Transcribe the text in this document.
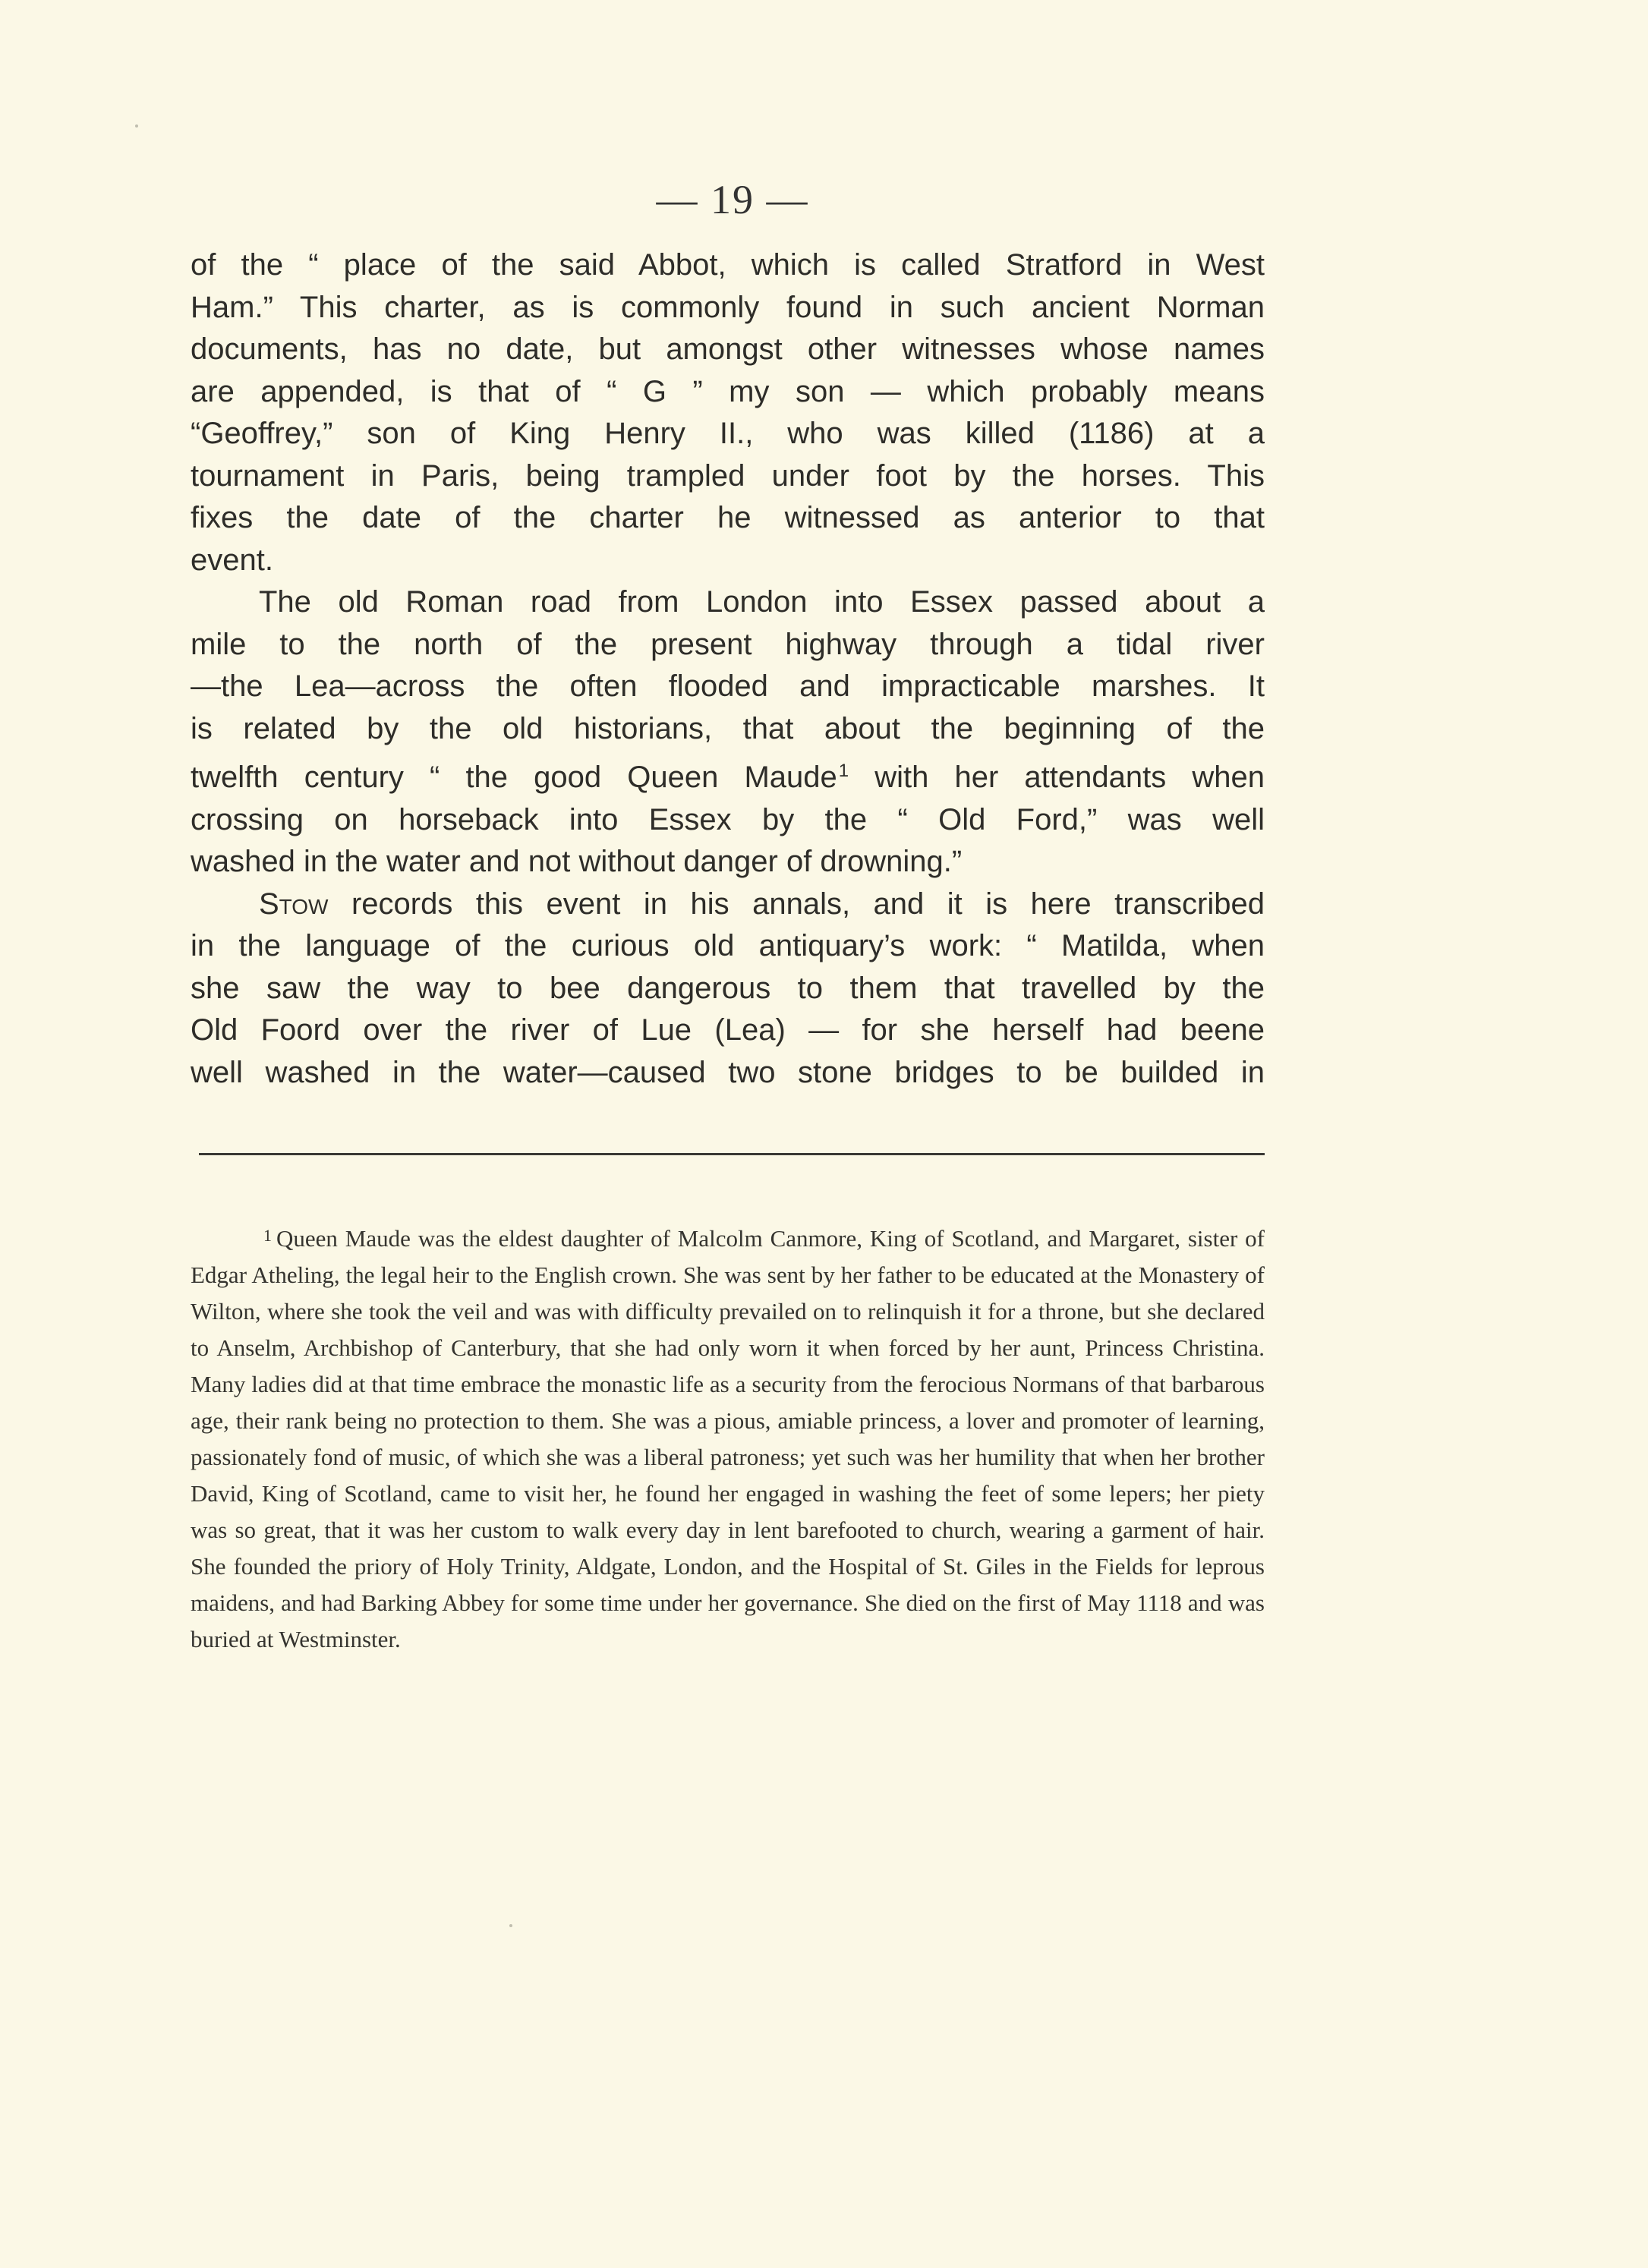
— 19 —

of the “ place of the said Abbot, which is called Stratford in West
Ham.” This charter, as is commonly found in such ancient Norman
documents, has no date, but amongst other witnesses whose names
are appended, is that of “ G ” my son — which probably means
“Geoffrey,” son of King Henry II., who was killed (1186) at a
tournament in Paris, being trampled under foot by the horses. This
fixes the date of the charter he witnessed as anterior to that

event.

The old Roman road from London into Essex passed about a
mile to the north of the present highway through a tidal river
—the Lea—across the often flooded and impracticable marshes. It
is related by the old historians, that about the beginning of the
twelfth century “ the good Queen Maude$^1$ with her attendants when
crossing on horseback into Essex by the “ Old Ford,” was well

washed in the water and not without danger of drowning.”

Stow records this event in his annals, and it is here transcribed
in the language of the curious old antiquary’s work: “ Matilda, when
she saw the way to bee dangerous to them that travelled by the
Old Foord over the river of Lue (Lea) — for she herself had beene
well washed in the water—caused two stone bridges to be builded in

$^1$ Queen Maude was the eldest daughter of Malcolm Canmore, King of Scotland, and Margaret, sister of Edgar Atheling, the legal heir to the English crown. She was sent by her father to be educated at the Monastery of Wilton, where she took the veil and was with difficulty prevailed on to relinquish it for a throne, but she declared to Anselm, Archbishop of Canterbury, that she had only worn it when forced by her aunt, Princess Christina. Many ladies did at that time embrace the monastic life as a security from the ferocious Normans of that barbarous age, their rank being no protection to them. She was a pious, amiable princess, a lover and promoter of learning, passionately fond of music, of which she was a liberal patroness; yet such was her humility that when her brother David, King of Scotland, came to visit her, he found her engaged in washing the feet of some lepers; her piety was so great, that it was her custom to walk every day in lent barefooted to church, wearing a garment of hair. She founded the priory of Holy Trinity, Aldgate, London, and the Hospital of St. Giles in the Fields for leprous maidens, and had Barking Abbey for some time under her governance. She died on the first of May 1118 and was buried at Westminster.
